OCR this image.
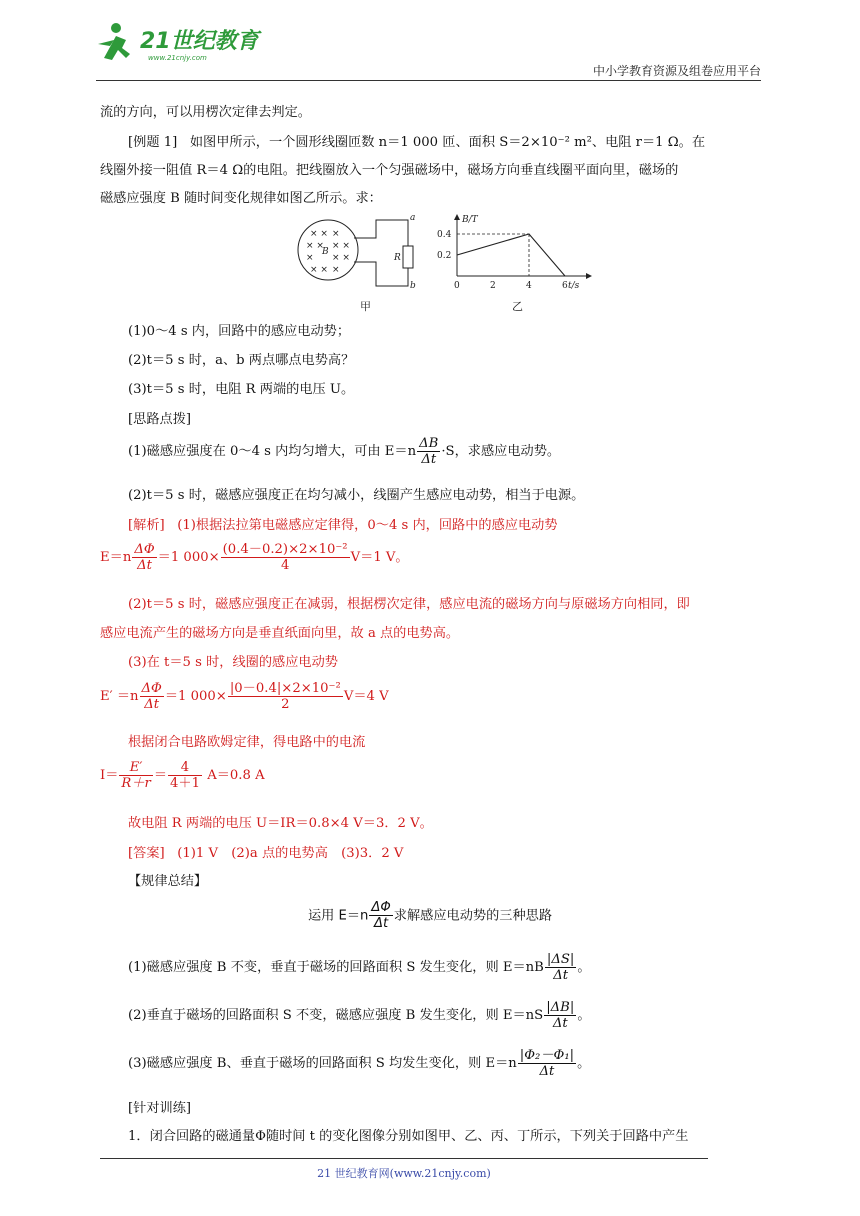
21世纪教育
www.21cnjy.com
中小学教育资源及组卷应用平台
流的方向，可以用楞次定律去判定。
[例题 1] 如图甲所示，一个圆形线圈匝数 n＝1 000 匝、面积 S＝2×10⁻² m²、电阻 r＝1 Ω。在
线圈外接一阻值 R＝4 Ω的电阻。把线圈放入一个匀强磁场中，磁场方向垂直线圈平面向里，磁场的
磁感应强度 B 随时间变化规律如图乙所示。求：
× × ×
× × × ×
× × ×
× × ×
B
R
a
b
甲
B/T
t/s
0.4
0.2
0	2	4	6
乙
(1)0～4 s 内，回路中的感应电动势；
(2)t＝5 s 时，a、b 两点哪点电势高？
(3)t＝5 s 时，电阻 R 两端的电压 U。
[思路点拨]
(1)磁感应强度在 0～4 s 内均匀增大，可由 $E=n \frac{\Delta B}{\Delta t} \cdot S$，求感应电动势。
(2)t＝5 s 时，磁感应强度正在均匀减小，线圈产生感应电动势，相当于电源。
[解析] (1)根据法拉第电磁感应定律得，0～4 s 内，回路中的感应电动势
$E=n \frac{\Delta\Phi}{\Delta t} =1$ $000\times \frac{\text{(0.4－0.2)×2×10⁻²}}{4} V=1$ V。
(2)t＝5 s 时，磁感应强度正在减弱，根据楞次定律，感应电流的磁场方向与原磁场方向相同，即
感应电流产生的磁场方向是垂直纸面向里，故 a 点的电势高。
(3)在 t＝5 s 时，线圈的感应电动势
$E' =n \frac{\Delta\Phi}{\Delta t} =1$ $000\times \frac{\text{|0－0.4|×2×10⁻²}}{2} V=4$ V
根据闭合电路欧姆定律，得电路中的电流
$I= \frac{E'}{R+r} = \frac{4}{4+1} A=0.8$ A
故电阻 R 两端的电压 U＝IR＝0.8×4 V＝3．2 V。
[答案] (1)1 V　(2)a 点的电势高　(3)3．2 V
【规律总结】
运用 $E=n \frac{\Delta\Phi}{\Delta t}$ 求解感应电动势的三种思路
(1)磁感应强度 B 不变，垂直于磁场的回路面积 S 发生变化，则 $E=nB \frac{|\Delta S|}{\Delta t}$ 。
(2)垂直于磁场的回路面积 S 不变，磁感应强度 B 发生变化，则 $E=nS \frac{|\Delta B|}{\Delta t}$ 。
(3)磁感应强度 B、垂直于磁场的回路面积 S 均发生变化，则 $E=n \frac{\text{|Φ₂－Φ₁|}}{\Delta t}$ 。
[针对训练]
1．闭合回路的磁通量Φ随时间 t 的变化图像分别如图甲、乙、丙、丁所示，下列关于回路中产生
21 世纪教育网(www.21cnjy.com)
